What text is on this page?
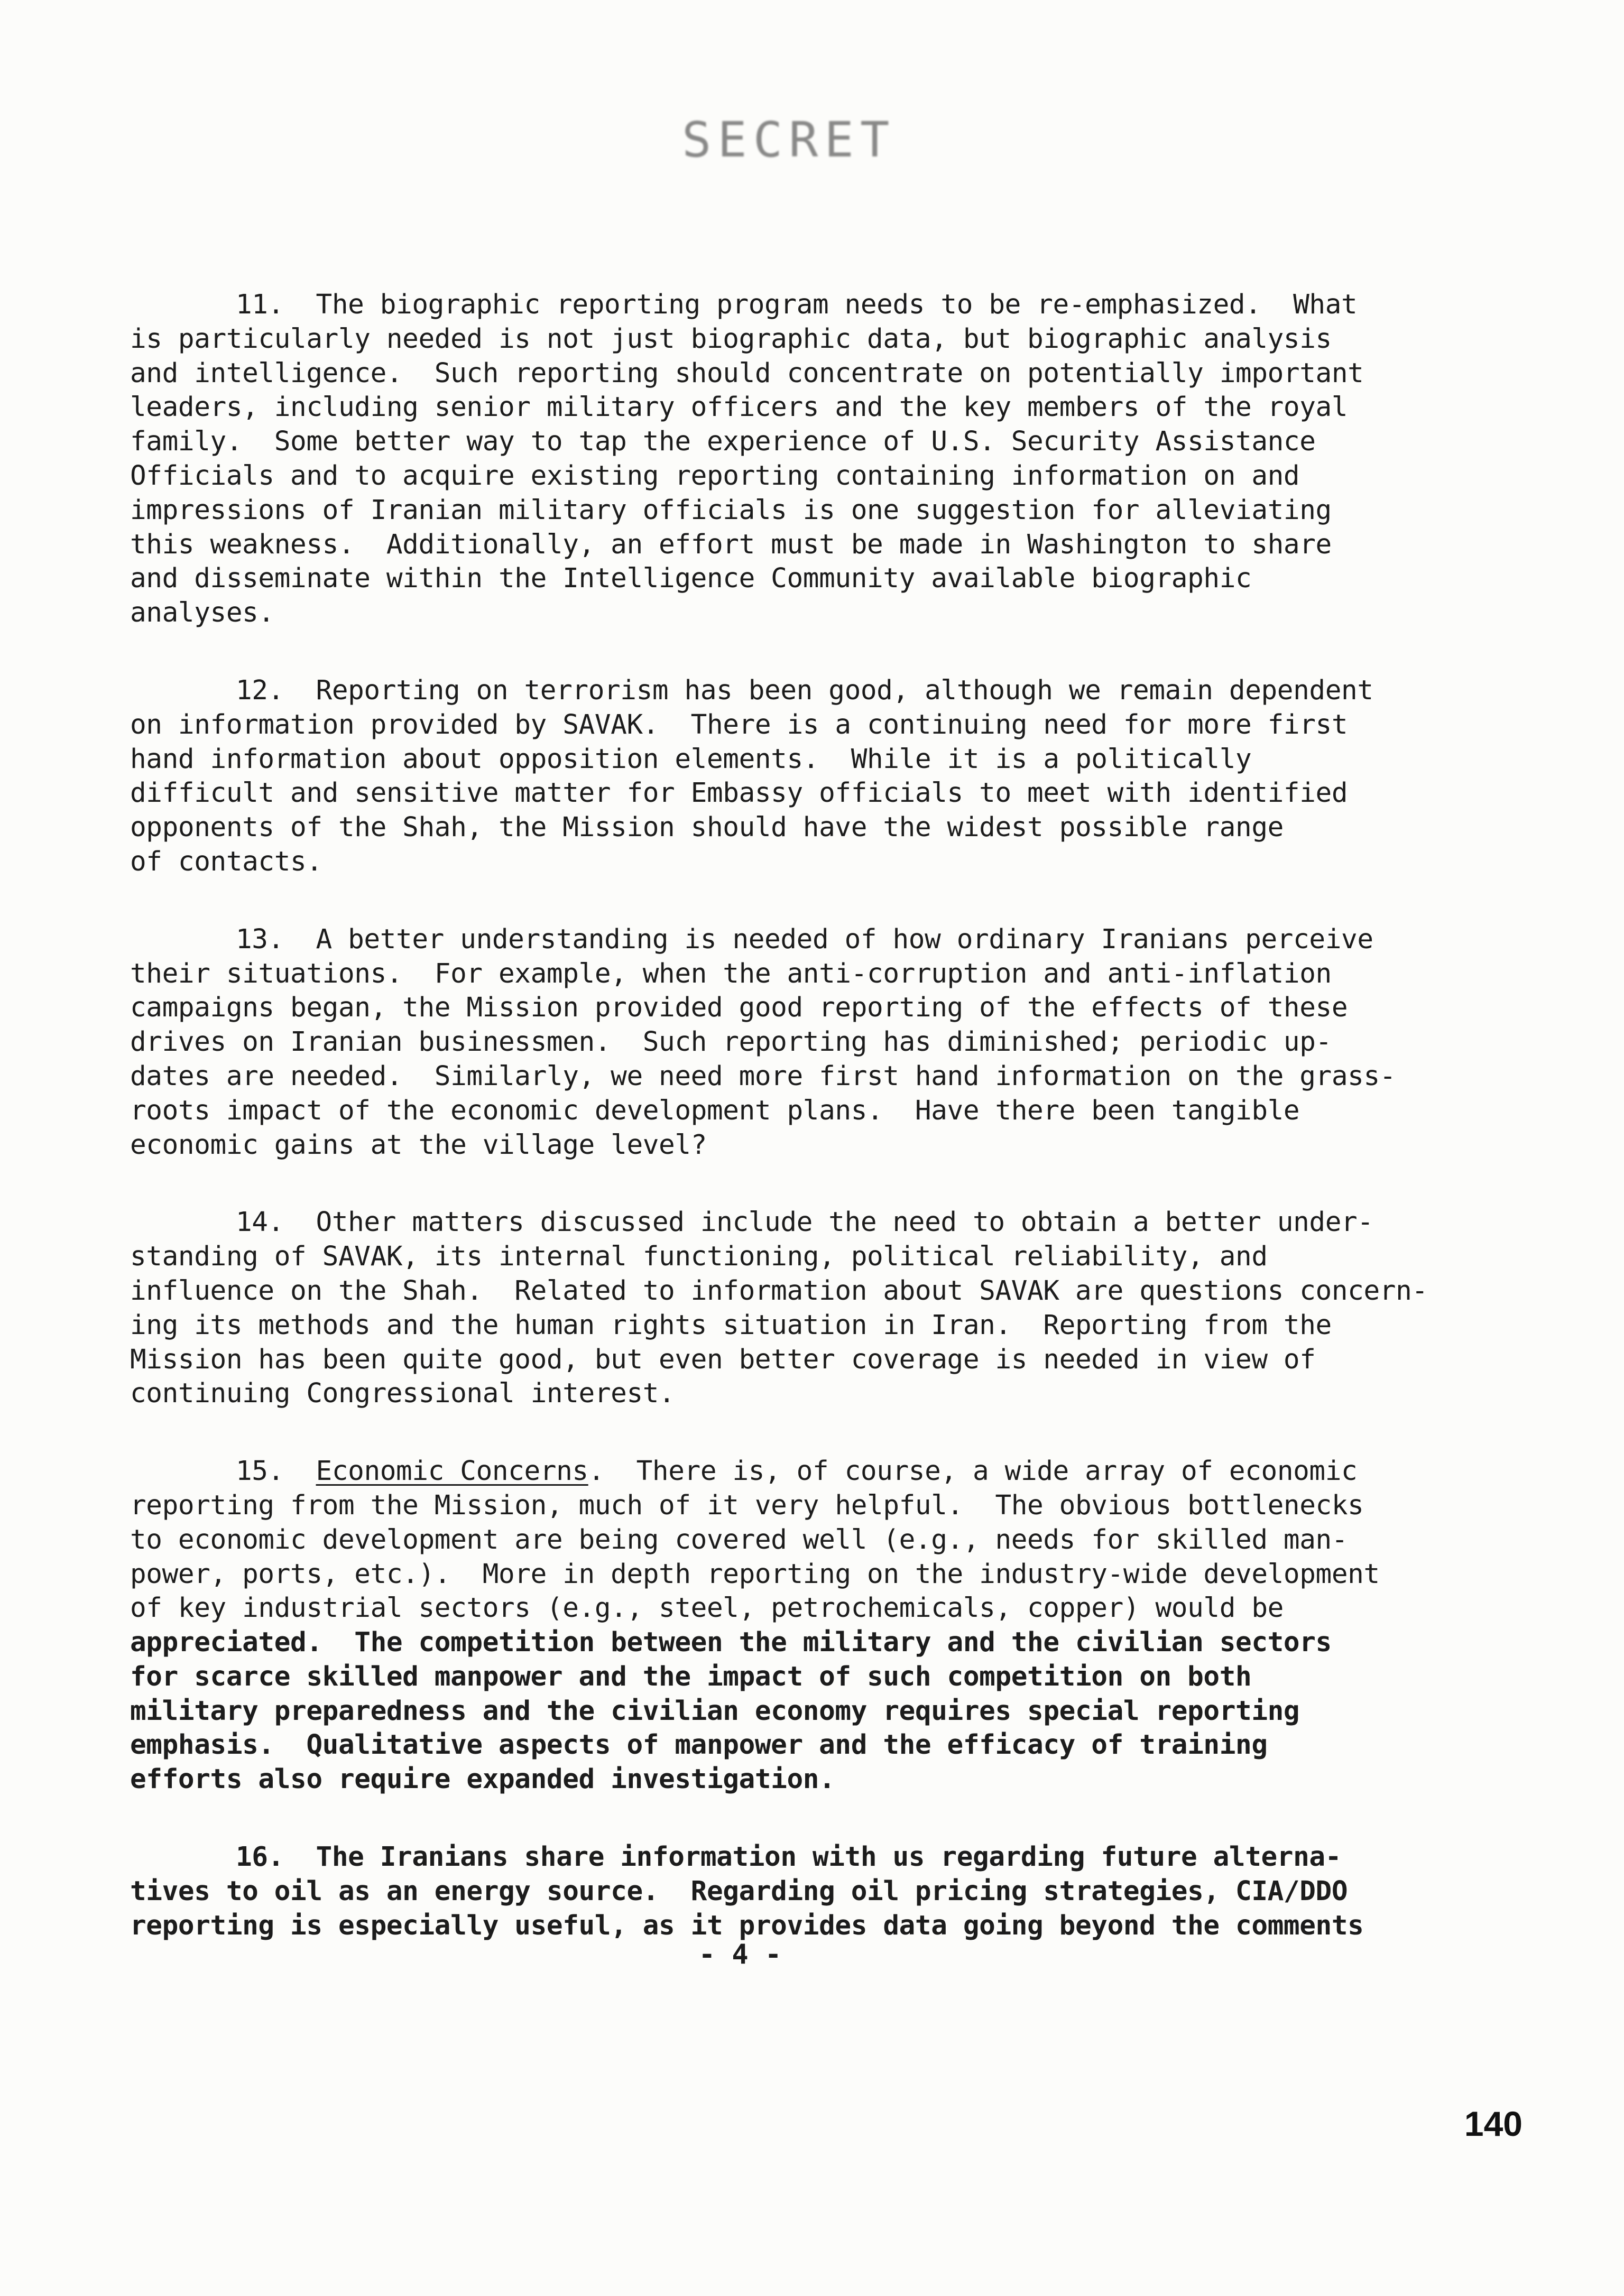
SECRET
11.  The biographic reporting program needs to be re-emphasized.  What
is particularly needed is not just biographic data, but biographic analysis
and intelligence.  Such reporting should concentrate on potentially important
leaders, including senior military officers and the key members of the royal
family.  Some better way to tap the experience of U.S. Security Assistance
Officials and to acquire existing reporting containing information on and
impressions of Iranian military officials is one suggestion for alleviating
this weakness.  Additionally, an effort must be made in Washington to share
and disseminate within the Intelligence Community available biographic
analyses.
12.  Reporting on terrorism has been good, although we remain dependent
on information provided by SAVAK.  There is a continuing need for more first
hand information about opposition elements.  While it is a politically
difficult and sensitive matter for Embassy officials to meet with identified
opponents of the Shah, the Mission should have the widest possible range
of contacts.
13.  A better understanding is needed of how ordinary Iranians perceive
their situations.  For example, when the anti-corruption and anti-inflation
campaigns began, the Mission provided good reporting of the effects of these
drives on Iranian businessmen.  Such reporting has diminished; periodic up-
dates are needed.  Similarly, we need more first hand information on the grass-
roots impact of the economic development plans.  Have there been tangible
economic gains at the village level?
14.  Other matters discussed include the need to obtain a better under-
standing of SAVAK, its internal functioning, political reliability, and
influence on the Shah.  Related to information about SAVAK are questions concern-
ing its methods and the human rights situation in Iran.  Reporting from the
Mission has been quite good, but even better coverage is needed in view of
continuing Congressional interest.
15.  Economic Concerns.  There is, of course, a wide array of economic
reporting from the Mission, much of it very helpful.  The obvious bottlenecks
to economic development are being covered well (e.g., needs for skilled man-
power, ports, etc.).  More in depth reporting on the industry-wide development
of key industrial sectors (e.g., steel, petrochemicals, copper) would be
appreciated.  The competition between the military and the civilian sectors
for scarce skilled manpower and the impact of such competition on both
military preparedness and the civilian economy requires special reporting
emphasis.  Qualitative aspects of manpower and the efficacy of training
efforts also require expanded investigation.
16.  The Iranians share information with us regarding future alterna-
tives to oil as an energy source.  Regarding oil pricing strategies, CIA/DDO
reporting is especially useful, as it provides data going beyond the comments
- 4 -
140
